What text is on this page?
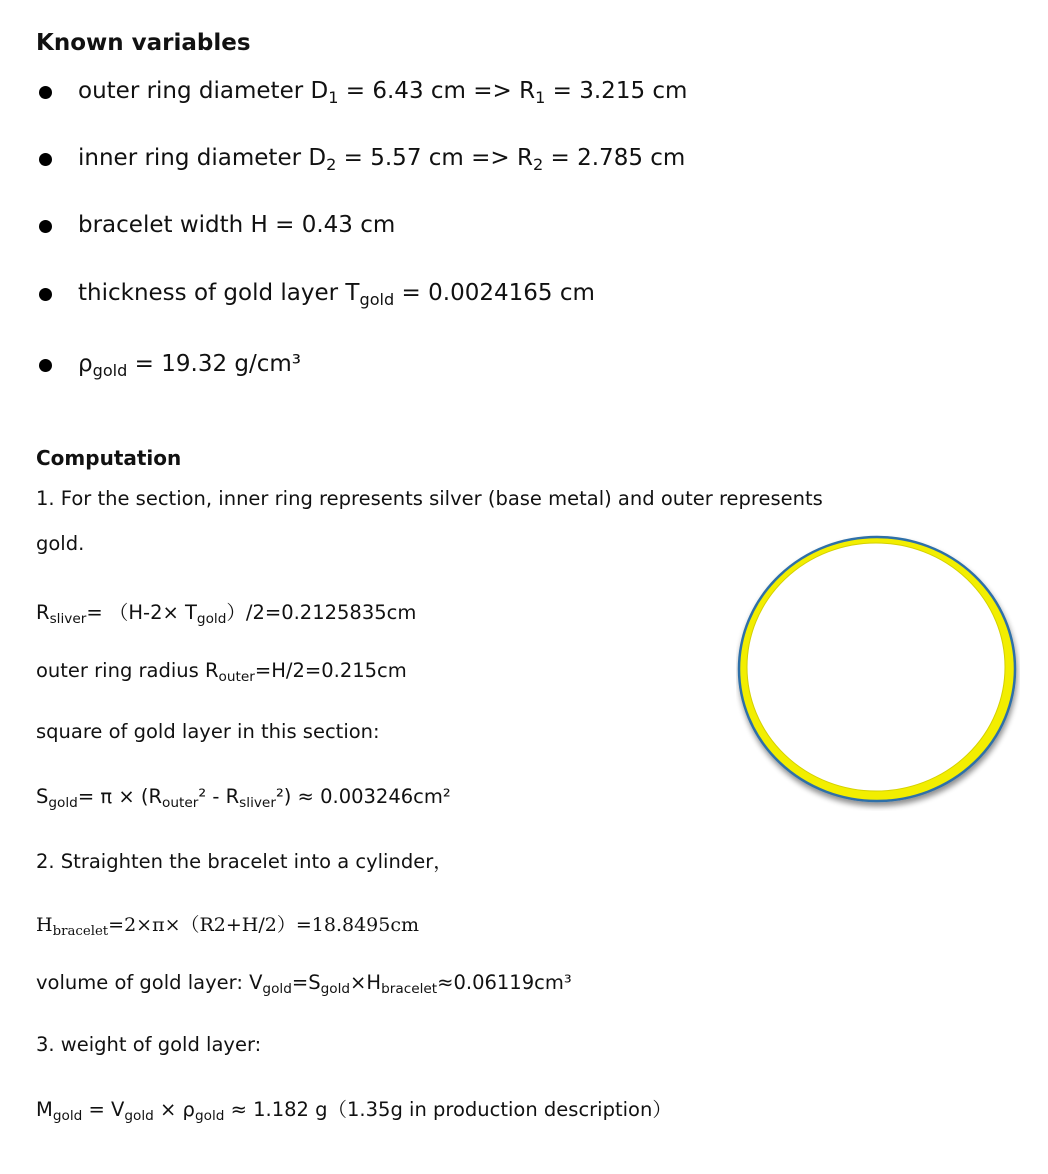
Known variables
outer ring diameter $D_1 = 6.43$ cm => $R_1 = 3.215$ cm
inner ring diameter $D_2 = 5.57$ cm => $R_2 = 2.785$ cm
bracelet width H = 0.43 cm
thickness of gold layer $T_{gold} = 0.0024165$ cm
$\rho_{gold} = 19.32$ g/cm³
Computation
1. For the section, inner ring represents silver (base metal) and outer represents
gold.
$R_{sliver}= (H-2\times T_{gold})/2=0.2125835cm$
outer ring radius $R_{outer}=H/2=0.215cm$
square of gold layer in this section:
$S_{gold}= \pi \times (R_{outer}^2 - R_{sliver}^2) \approx 0.003246cm^2$
2. Straighten the bracelet into a cylinder，
$H_{bracelet}=2\times\pi\times(R2+H/2)=18.8495cm$
volume of gold layer: $V_{gold}=S_{gold}\times H_{bracelet}\approx 0.06119cm^3$
3. weight of gold layer:
$M_{gold} = V_{gold} \times \rho_{gold} \approx 1.182$ g（1.35g in production description）
